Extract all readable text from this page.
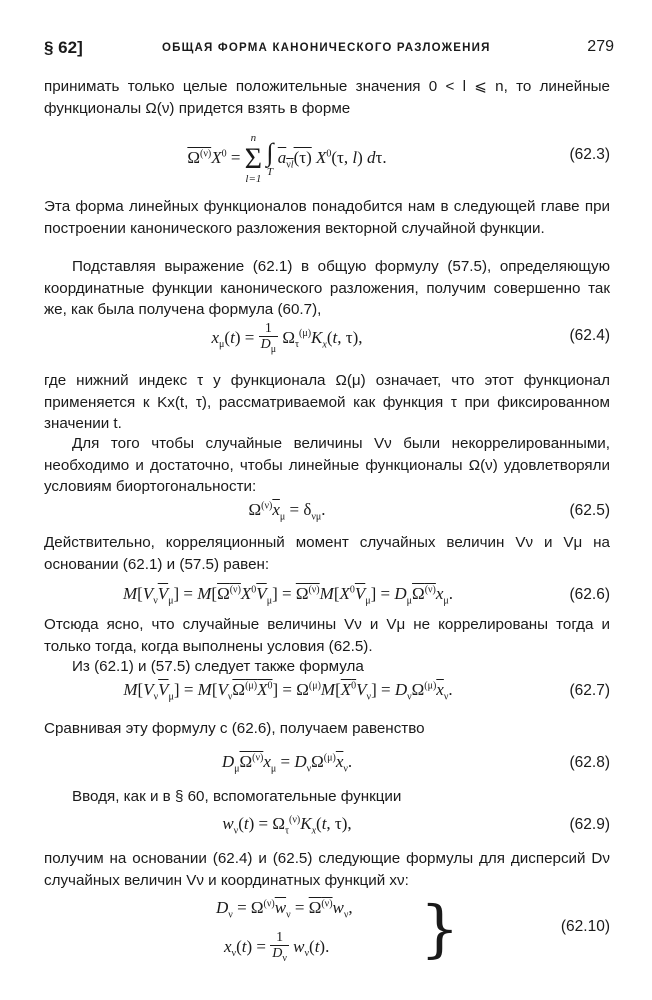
§ 62]	ОБЩАЯ ФОРМА КАНОНИЧЕСКОГО РАЗЛОЖЕНИЯ	279
принимать только целые положительные значения 0 < l ⩽ n, то линейные функционалы Ω(ν) придется взять в форме
$\Omega^{(\nu)}X^0$ =
n
Σ
l=1

∫
T
$a_{\nu l}(\tau)$ $X^0(\tau$, l) dτ.	(62.3)
Эта форма линейных функционалов понадобится нам в следующей главе при построении канонического разложения векторной случайной функции.
Подставляя выражение (62.1) в общую формулу (57.5), определяющую координатные функции канонического разложения, получим совершенно так же, как была получена формула (60.7),
$x_\mu(t) = \frac{1}{D_\mu} \Omega_\tau^{(\mu)}K_x(t$, τ),	(62.4)
где нижний индекс τ у функционала Ω(μ) означает, что этот функционал применяется к Kx(t, τ), рассматриваемой как функция τ при фиксированном значении t.
Для того чтобы случайные величины Vν были некоррелированными, необходимо и достаточно, чтобы линейные функционалы Ω(ν) удовлетворяли условиям биортогональности:
$\Omega^{(\nu)}\overline{x}_\mu = \delta_{\nu\mu}$.	(62.5)
Действительно, корреляционный момент случайных величин Vν и Vμ на основании (62.1) и (57.5) равен:
$M[V_\nu\overline{V}_\mu] = M[\Omega^{(\nu)}X^0\overline{V}_\mu] = \Omega^{(\nu)}M[X^0\overline{V}_\mu] = D_\mu\Omega^{(\nu)}x_\mu$.	(62.6)
Отсюда ясно, что случайные величины Vν и Vμ не коррелированы тогда и только тогда, когда выполнены условия (62.5).
Из (62.1) и (57.5) следует также формула
$M[V_\nu\overline{V}_\mu] = M[V_\nu\Omega^{(\mu)}X^0] = \Omega^{(\mu)}M[X^0V_\nu] = D_\nu\Omega^{(\mu)}\overline{x}_\nu$.	(62.7)
Сравнивая эту формулу с (62.6), получаем равенство
$D_\mu\Omega^{(\nu)}x_\mu = D_\nu\Omega^{(\mu)}\overline{x}_\nu$.	(62.8)
Вводя, как и в § 60, вспомогательные функции
$w_\nu(t) = \Omega_\tau^{(\nu)}K_x(t$, τ),	(62.9)
получим на основании (62.4) и (62.5) следующие формулы для дисперсий Dν случайных величин Vν и координатных функций xν:
$D_\nu = \Omega^{(\nu)}\overline{w}_\nu = \Omega^{(\nu)}w_\nu$,
$x_\nu(t) = \frac{1}{D_\nu} w_\nu(t)$. }	(62.10)
